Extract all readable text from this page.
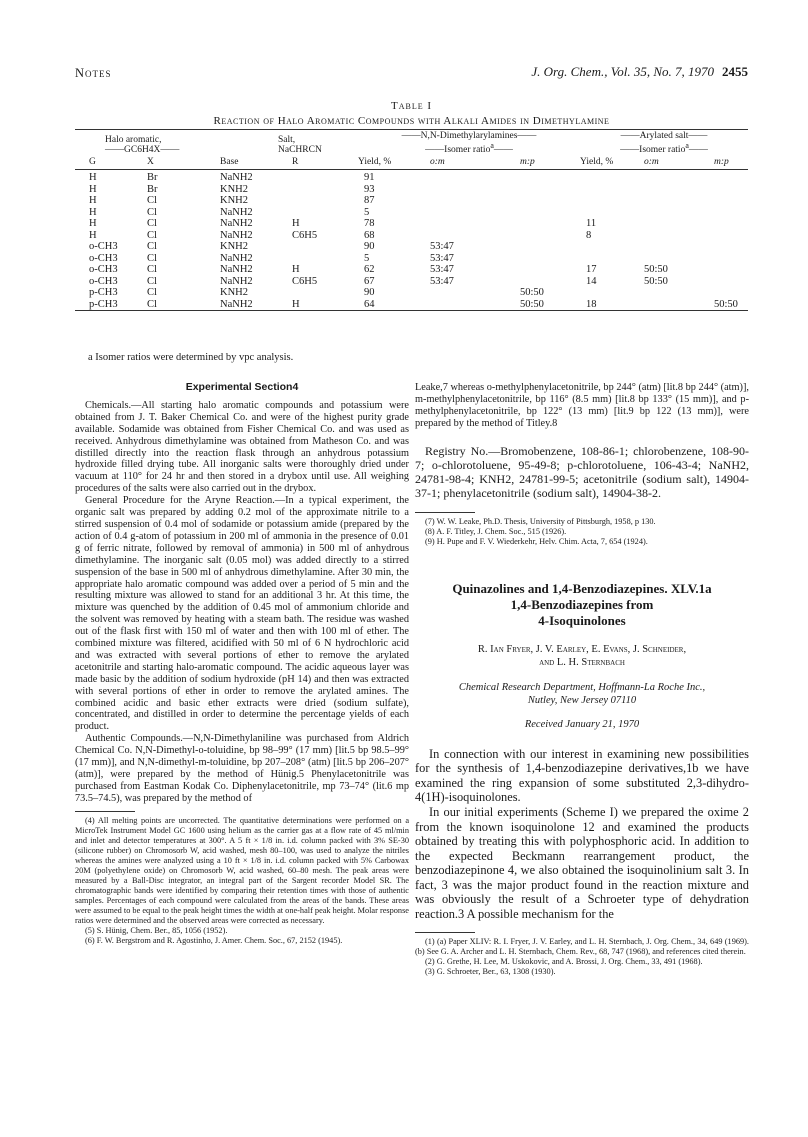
Notes	J. Org. Chem., Vol. 35, No. 7, 1970 2455
Table I
Reaction of Halo Aromatic Compounds with Alkali Amides in Dimethylamine
Halo aromatic,
——GC6H4X——			Salt,
NaCHRCN	——N,N-Dimethylarylamines——
——Isomer ratio$^a$——			——Arylated salt——
——Isomer ratio$^a$——		
G	X	Base	R	Yield, %	o:m	m:p	Yield, %	o:m	m:p
H	Br	NaNH2		91					
H	Br	KNH2		93					
H	Cl	KNH2		87					
H	Cl	NaNH2		5					
H	Cl	NaNH2	H	78			11		
H	Cl	NaNH2	C6H5	68			8		
o-CH3	Cl	KNH2		90	53:47				
o-CH3	Cl	NaNH2		5	53:47				
o-CH3	Cl	NaNH2	H	62	53:47		17	50:50	
o-CH3	Cl	NaNH2	C6H5	67	53:47		14	50:50	
p-CH3	Cl	KNH2		90		50:50			
p-CH3	Cl	NaNH2	H	64		50:50	18		50:50
a Isomer ratios were determined by vpc analysis.
Experimental Section4

Chemicals.—All starting halo aromatic compounds and potassium were obtained from J. T. Baker Chemical Co. and were of the highest purity grade available. Sodamide was obtained from Fisher Chemical Co. and was used as received. Anhydrous dimethylamine was obtained from Matheson Co. and was distilled directly into the reaction flask through an anhydrous potassium hydroxide filled drying tube. All inorganic salts were thoroughly dried under vacuum at 110° for 24 hr and then stored in a drybox until use. All weighing procedures of the salts were also carried out in the drybox.

General Procedure for the Aryne Reaction.—In a typical experiment, the organic salt was prepared by adding 0.2 mol of the approximate nitrile to a stirred suspension of 0.4 mol of sodamide or potassium amide (prepared by the action of 0.4 g-atom of potassium in 200 ml of ammonia in the presence of 0.01 g of ferric nitrate, followed by removal of ammonia) in 500 ml of anhydrous dimethylamine. The inorganic salt (0.05 mol) was added directly to a stirred suspension of the base in 500 ml of anhydrous dimethylamine. After 30 min, the appropriate halo aromatic compound was added over a period of 5 min and the resulting mixture was allowed to stand for an additional 3 hr. At this time, the mixture was quenched by the addition of 0.45 mol of ammonium chloride and the solvent was removed by heating with a steam bath. The residue was washed out of the flask first with 150 ml of water and then with 100 ml of ether. The combined mixture was filtered, acidified with 50 ml of 6 N hydrochloric acid and was extracted with several portions of ether to remove the arylated acetonitrile and starting halo-aromatic compound. The acidic aqueous layer was made basic by the addition of sodium hydroxide (pH 14) and then was extracted with several portions of ether in order to remove the arylated amines. The combined acidic and basic ether extracts were dried (sodium sulfate), concentrated, and distilled in order to determine the percentage yields of each product.

Authentic Compounds.—N,N-Dimethylaniline was purchased from Aldrich Chemical Co. N,N-Dimethyl-o-toluidine, bp 98–99° (17 mm) [lit.5 bp 98.5–99° (17 mm)], and N,N-dimethyl-m-toluidine, bp 207–208° (atm) [lit.5 bp 206–207° (atm)], were prepared by the method of Hünig.5 Phenylacetonitrile was purchased from Eastman Kodak Co. Diphenylacetonitrile, mp 73–74° (lit.6 mp 73.5–74.5), was prepared by the method of

(4) All melting points are uncorrected. The quantitative determinations were performed on a MicroTek Instrument Model GC 1600 using helium as the carrier gas at a flow rate of 45 ml/min and inlet and detector temperatures at 300°. A 5 ft × 1/8 in. i.d. column packed with 3% SE-30 (silicone rubber) on Chromosorb W, acid washed, mesh 80–100, was used to analyze the nitriles whereas the amines were analyzed using a 10 ft × 1/8 in. i.d. column packed with 5% Carbowax 20M (polyethylene oxide) on Chromosorb W, acid washed, 60–80 mesh. The peak areas were measured by a Ball-Disc integrator, an integral part of the Sargent recorder Model SR. The chromatographic bands were identified by comparing their retention times with those of authentic samples. Percentages of each compound were calculated from the areas of the bands. These areas were assumed to be equal to the peak height times the width at one-half peak height. Molar response ratios were determined and the observed areas were corrected as necessary.

(5) S. Hünig, Chem. Ber., 85, 1056 (1952).

(6) F. W. Bergstrom and R. Agostinho, J. Amer. Chem. Soc., 67, 2152 (1945).

Leake,7 whereas o-methylphenylacetonitrile, bp 244° (atm) [lit.8 bp 244° (atm)], m-methylphenylacetonitrile, bp 116° (8.5 mm) [lit.8 bp 133° (15 mm)], and p-methylphenylacetonitrile, bp 122° (13 mm) [lit.9 bp 122 (13 mm)], were prepared by the method of Titley.8

Registry No.—Bromobenzene, 108-86-1; chlorobenzene, 108-90-7; o-chlorotoluene, 95-49-8; p-chlorotoluene, 106-43-4; NaNH2, 24781-98-4; KNH2, 24781-99-5; acetonitrile (sodium salt), 14904-37-1; phenylacetonitrile (sodium salt), 14904-38-2.

(7) W. W. Leake, Ph.D. Thesis, University of Pittsburgh, 1958, p 130.

(8) A. F. Titley, J. Chem. Soc., 515 (1926).

(9) H. Pupe and F. V. Wiederkehr, Helv. Chim. Acta, 7, 654 (1924).

Quinazolines and 1,4-Benzodiazepines. XLV.1a
1,4-Benzodiazepines from
4-Isoquinolones
R. Ian Fryer, J. V. Earley, E. Evans, J. Schneider,
and L. H. Sternbach
Chemical Research Department, Hoffmann-La Roche Inc.,
Nutley, New Jersey 07110
Received January 21, 1970

In connection with our interest in examining new possibilities for the synthesis of 1,4-benzodiazepine derivatives,1b we have examined the ring expansion of some substituted 2,3-dihydro-4(1H)-isoquinolones.

In our initial experiments (Scheme I) we prepared the oxime 2 from the known isoquinolone 12 and examined the products obtained by treating this with polyphosphoric acid. In addition to the expected Beckmann rearrangement product, the benzodiazepinone 4, we also obtained the isoquinolinium salt 3. In fact, 3 was the major product found in the reaction mixture and was obviously the result of a Schroeter type of dehydration reaction.3 A possible mechanism for the

(1) (a) Paper XLIV: R. I. Fryer, J. V. Earley, and L. H. Sternbach, J. Org. Chem., 34, 649 (1969). (b) See G. A. Archer and L. H. Sternbach, Chem. Rev., 68, 747 (1968), and references cited therein.

(2) G. Grethe, H. Lee, M. Uskokovic, and A. Brossi, J. Org. Chem., 33, 491 (1968).

(3) G. Schroeter, Ber., 63, 1308 (1930).
